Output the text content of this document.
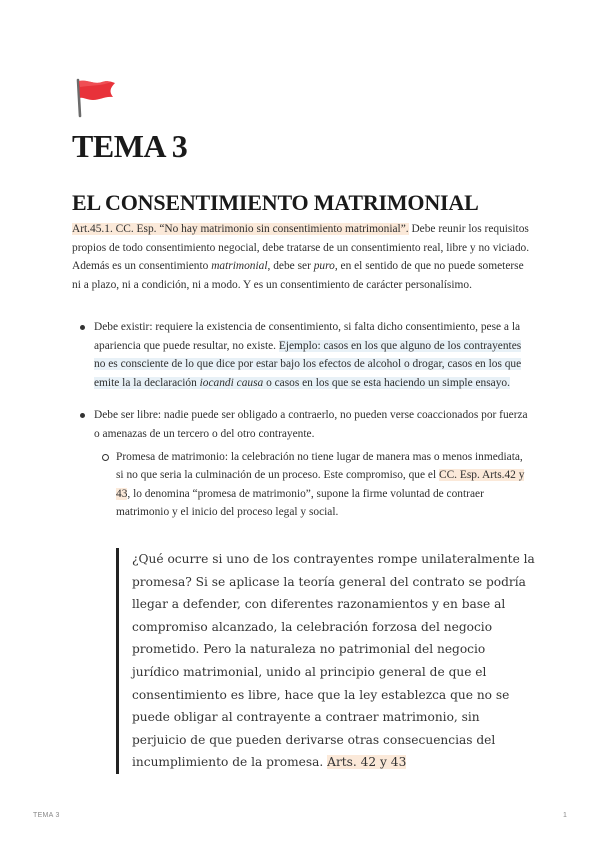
TEMA 3
EL CONSENTIMIENTO MATRIMONIAL

Art.45.1. CC. Esp. “No hay matrimonio sin consentimiento matrimonial”. Debe reunir los requisitos propios de todo consentimiento negocial, debe tratarse de un consentimiento real, libre y no viciado. Además es un consentimiento matrimonial, debe ser puro, en el sentido de que no puede someterse ni a plazo, ni a condición, ni a modo. Y es un consentimiento de carácter personalísimo.

Debe existir: requiere la existencia de consentimiento, si falta dicho consentimiento, pese a la apariencia que puede resultar, no existe. Ejemplo: casos en los que alguno de los contrayentes no es consciente de lo que dice por estar bajo los efectos de alcohol o drogar, casos en los que emite la la declaración iocandi causa o casos en los que se esta haciendo un simple ensayo.
Debe ser libre: nadie puede ser obligado a contraerlo, no pueden verse coaccionados por fuerza o amenazas de un tercero o del otro contrayente.
Promesa de matrimonio: la celebración no tiene lugar de manera mas o menos inmediata, si no que seria la culminación de un proceso. Este compromiso, que el CC. Esp. Arts.42 y 43, lo denomina “promesa de matrimonio”, supone la firme voluntad de contraer matrimonio y el inicio del proceso legal y social.
¿Qué ocurre si uno de los contrayentes rompe unilateralmente la promesa? Si se aplicase la teoría general del contrato se podría llegar a defender, con diferentes razonamientos y en base al compromiso alcanzado, la celebración forzosa del negocio prometido. Pero la naturaleza no patrimonial del negocio jurídico matrimonial, unido al principio general de que el consentimiento es libre, hace que la ley establezca que no se puede obligar al contrayente a contraer matrimonio, sin perjuicio de que pueden derivarse otras consecuencias del incumplimiento de la promesa. Arts. 42 y 43
TEMA 3	1
